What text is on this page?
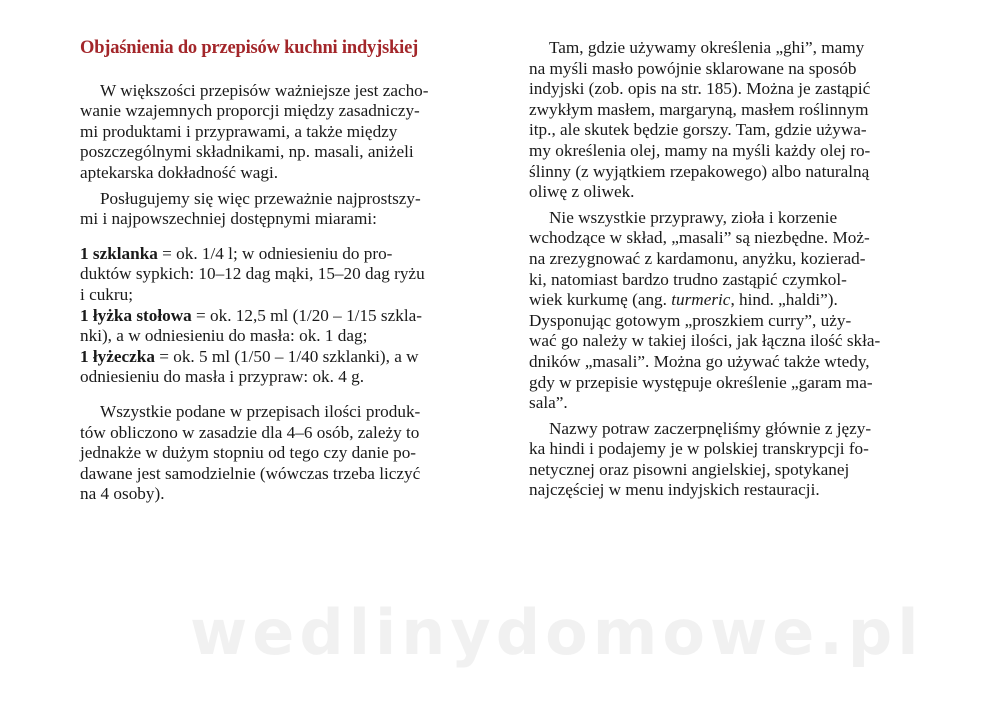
Objaśnienia do przepisów kuchni indyjskiej
W większości przepisów ważniejsze jest zacho-
wanie wzajemnych proporcji między zasadniczy-
mi produktami i przyprawami, a także między
poszczególnymi składnikami, np. masali, aniżeli
aptekarska dokładność wagi.
Posługujemy się więc przeważnie najprostszy-
mi i najpowszechniej dostępnymi miarami:
1 szklanka = ok. 1/4 l; w odniesieniu do pro-
duktów sypkich: 10–12 dag mąki, 15–20 dag ryżu
i cukru;
1 łyżka stołowa = ok. 12,5 ml (1/20 – 1/15 szkla-
nki), a w odniesieniu do masła: ok. 1 dag;
1 łyżeczka = ok. 5 ml (1/50 – 1/40 szklanki), a w
odniesieniu do masła i przypraw: ok. 4 g.
Wszystkie podane w przepisach ilości produk-
tów obliczono w zasadzie dla 4–6 osób, zależy to
jednakże w dużym stopniu od tego czy danie po-
dawane jest samodzielnie (wówczas trzeba liczyć
na 4 osoby).
Tam, gdzie używamy określenia „ghi”, mamy
na myśli masło powójnie sklarowane na sposób
indyjski (zob. opis na str. 185). Można je zastąpić
zwykłym masłem, margaryną, masłem roślinnym
itp., ale skutek będzie gorszy. Tam, gdzie używa-
my określenia olej, mamy na myśli każdy olej ro-
ślinny (z wyjątkiem rzepakowego) albo naturalną
oliwę z oliwek.
Nie wszystkie przyprawy, zioła i korzenie
wchodzące w skład, „masali” są niezbędne. Moż-
na zrezygnować z kardamonu, anyżku, kozierad-
ki, natomiast bardzo trudno zastąpić czymkol-
wiek kurkumę (ang. turmeric, hind. „haldi”).
Dysponując gotowym „proszkiem curry”, uży-
wać go należy w takiej ilości, jak łączna ilość skła-
dników „masali”. Można go używać także wtedy,
gdy w przepisie występuje określenie „garam ma-
sala”.
Nazwy potraw zaczerpnęliśmy głównie z języ-
ka hindi i podajemy je w polskiej transkrypcji fo-
netycznej oraz pisowni angielskiej, spotykanej
najczęściej w menu indyjskich restauracji.
wedlinydomowe.pl
